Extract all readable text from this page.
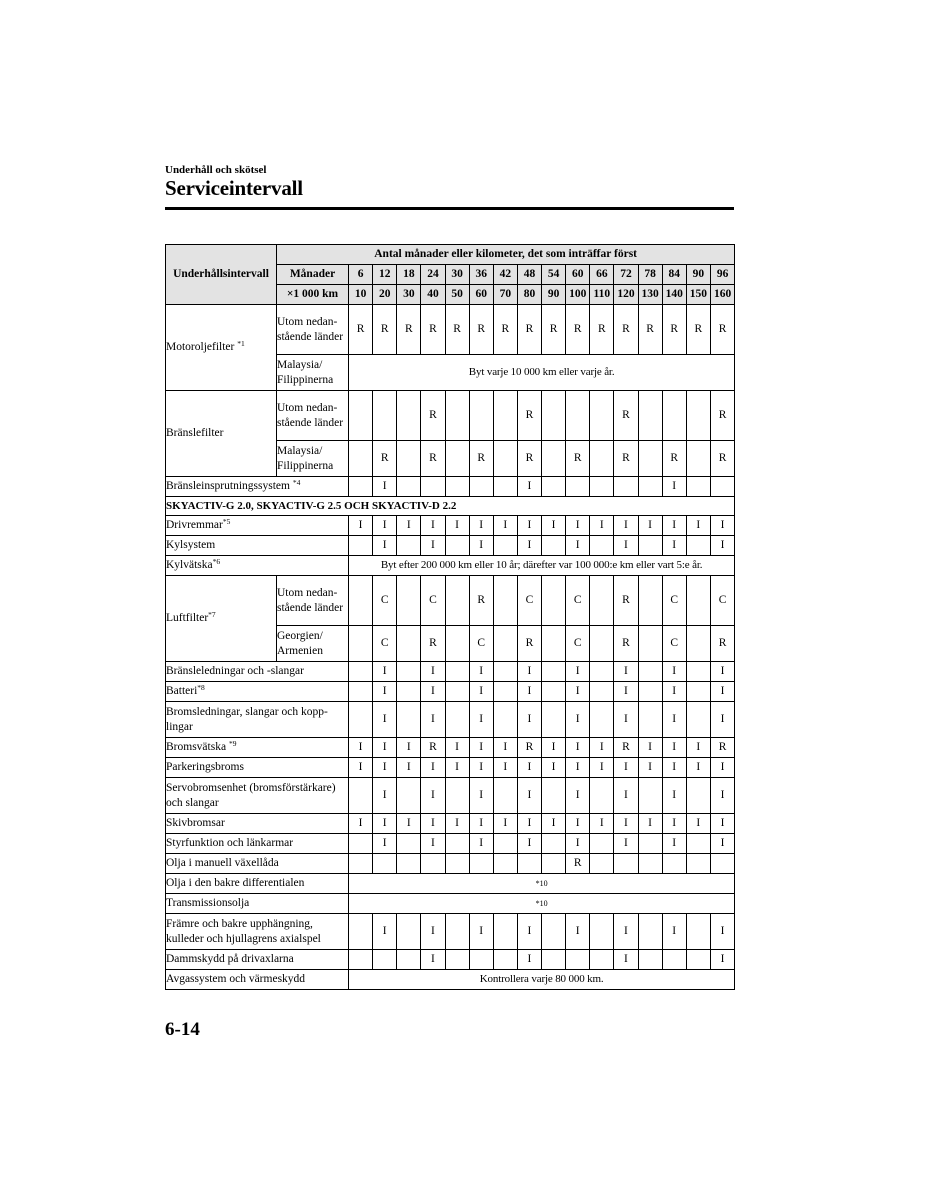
Underhåll och skötsel
Serviceintervall
Underhållsintervall	Antal månader eller kilometer, det som inträffar först																
	Månader	6	12	18	24	30	36	42	48	54	60	66	72	78	84	90	96
	×1 000 km	10	20	30	40	50	60	70	80	90	100	110	120	130	140	150	160
Motoroljefilter $^{*1}$	Utom nedanstående länder	R	R	R	R	R	R	R	R	R	R	R	R	R	R	R	R
	Malaysia/ Filippinerna	Byt varje 10 000 km eller varje år.															
Bränslefilter	Utom nedanstående länder				R				R				R				R
	Malaysia/ Filippinerna		R		R		R		R		R		R		R		R
Bränsleinsprutningssystem $^{*4}$			I						I						I		
SKYACTIV-G 2.0, SKYACTIV-G 2.5 OCH SKYACTIV-D 2.2																	
Drivremmar$^{*5}$		I	I	I	I	I	I	I	I	I	I	I	I	I	I	I	I
Kylsystem			I		I		I		I		I		I		I		I
Kylvätska$^{*6}$		Byt efter 200 000 km eller 10 år; därefter var 100 000:e km eller vart 5:e år.															
Luftfilter$^{*7}$	Utom nedanstående länder		C		C		R		C		C		R		C		C
	Georgien/ Armenien		C		R		C		R		C		R		C		R
Bränsleledningar och -slangar			I		I		I		I		I		I		I		I
Batteri$^{*8}$			I		I		I		I		I		I		I		I
Bromsledningar, slangar och kopplingar			I		I		I		I		I		I		I		I
Bromsvätska $^{*9}$		I	I	I	R	I	I	I	R	I	I	I	R	I	I	I	R
Parkeringsbroms		I	I	I	I	I	I	I	I	I	I	I	I	I	I	I	I
Servobromsenhet (bromsförstärkare) och slangar			I		I		I		I		I		I		I		I
Skivbromsar		I	I	I	I	I	I	I	I	I	I	I	I	I	I	I	I
Styrfunktion och länkarmar			I		I		I		I		I		I		I		I
Olja i manuell växellåda											R						
Olja i den bakre differentialen		*10															
Transmissionsolja		*10															
Främre och bakre upphängning, kulleder och hjullagrens axialspel			I		I		I		I		I		I		I		I
Dammskydd på drivaxlarna					I				I				I				I
Avgassystem och värmeskydd		Kontrollera varje 80 000 km.															
6-14
